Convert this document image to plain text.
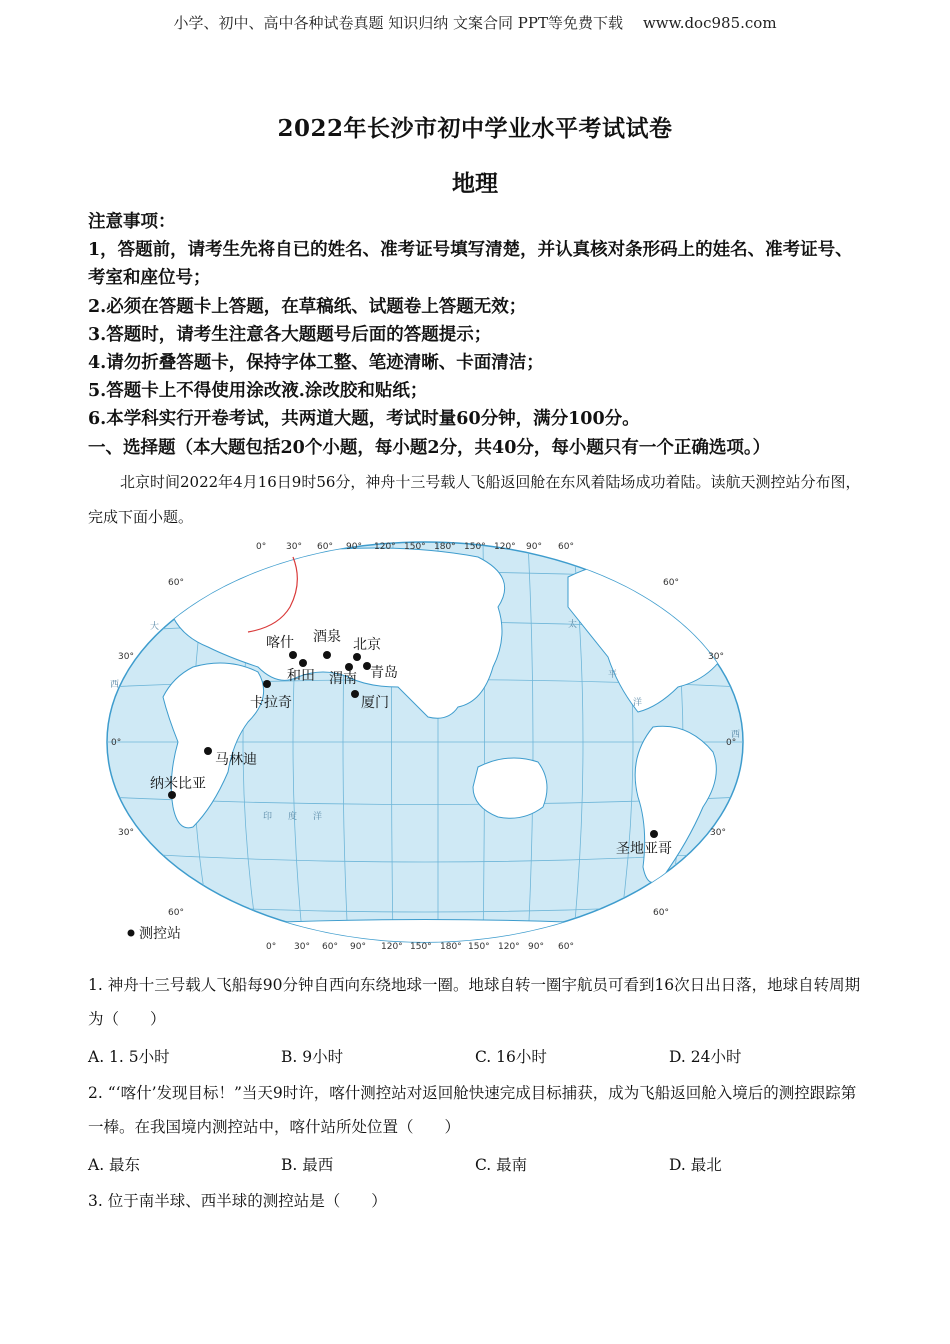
小学、初中、高中各种试卷真题 知识归纳 文案合同 PPT等免费下载 www.doc985.com
2022年长沙市初中学业水平考试试卷
地理

注意事项：

1，答题前，请考生先将自已的姓名、准考证号填写清楚，并认真核对条形码上的娃名、准考证号、考室和座位号；

2.必须在答题卡上答题，在草稿纸、试题卷上答题无效；

3.答题时，请考生注意各大题题号后面的答题提示；

4.请勿折叠答题卡，保持字体工整、笔迹清晰、卡面清洁；

5.答题卡上不得使用涂改液.涂改胶和贴纸；

6.本学科实行开卷考试，共两道大题，考试时量60分钟，满分100分。

一、选择题（本大题包括20个小题，每小题2分，共40分，每小题只有一个正确选项。）

北京时间2022年4月16日9时56分，神舟十三号载人飞船返回舱在东风着陆场成功着陆。读航天测控站分布图，完成下面小题。

0° 30° 60° 90° 120° 150° 180° 150° 120° 90° 60°
0° 30° 60° 90° 120° 150° 180° 150° 120° 90° 60°
60°
30°
0°
30°
60°
60°
30°
0°
30°
60°
大
西
太
平
洋
印 度 洋
西
喀什 酒泉 北京
和田 渭南 青岛
卡拉奇	厦门
马林迪
纳米比亚
圣地亚哥
测控站

1. 神舟十三号载人飞船每90分钟自西向东绕地球一圈。地球自转一圈宇航员可看到16次日出日落，地球自转周期为（　　）

A. 1. 5小时	B. 9小时	C. 16小时	D. 24小时

2. “‘喀什’发现目标！”当天9时许，喀什测控站对返回舱快速完成目标捕获，成为飞船返回舱入境后的测控跟踪第一棒。在我国境内测控站中，喀什站所处位置（　　）

A. 最东	B. 最西	C. 最南	D. 最北

3. 位于南半球、西半球的测控站是（　　）
